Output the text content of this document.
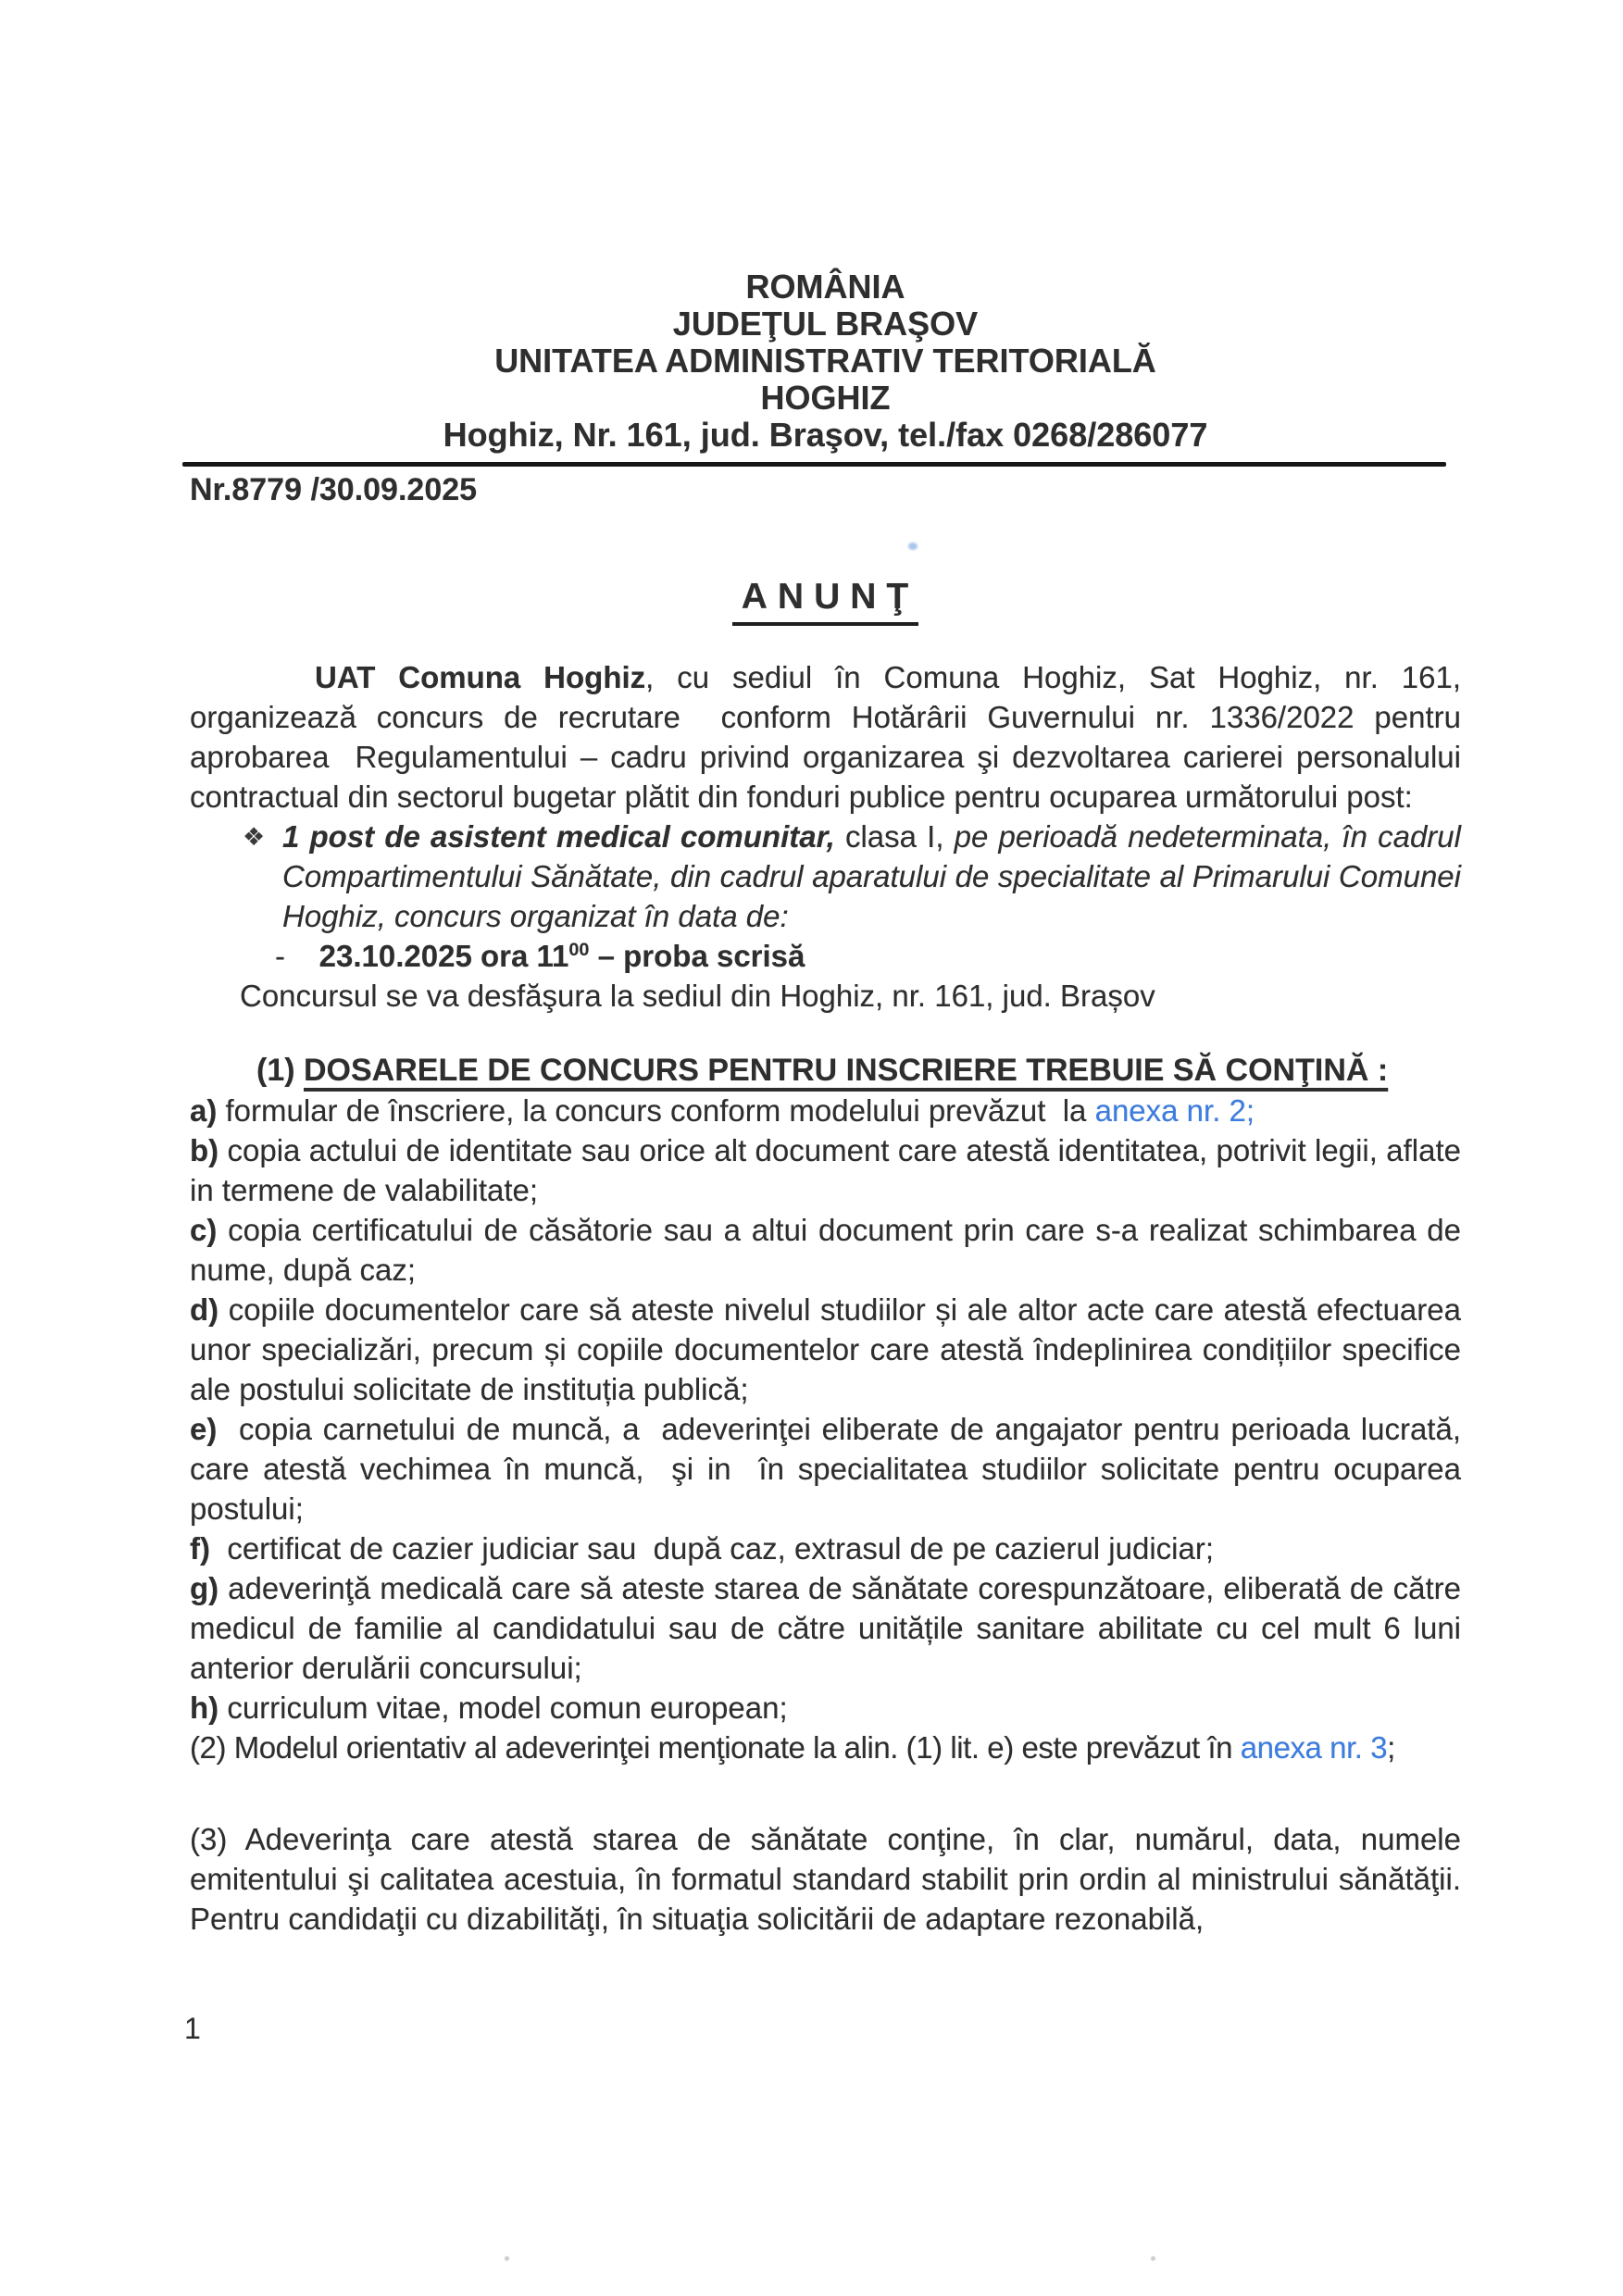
ROMÂNIA
JUDEŢUL BRAŞOV
UNITATEA ADMINISTRATIV TERITORIALĂ
HOGHIZ
Hoghiz, Nr. 161, jud. Braşov, tel./fax 0268/286077
Nr.8779 /30.09.2025
ANUNŢ

UAT Comuna Hoghiz, cu sediul în Comuna Hoghiz, Sat Hoghiz, nr. 161, organizează concurs de recrutare  conform Hotărârii Guvernului nr. 1336/2022 pentru aprobarea  Regulamentului – cadru privind organizarea şi dezvoltarea carierei personalului contractual din sectorul bugetar plătit din fonduri publice pentru ocuparea următorului post:

❖ 1 post de asistent medical comunitar, clasa I, pe perioadă nedeterminata, în cadrul Compartimentului Sănătate, din cadrul aparatului de specialitate al Primarului Comunei Hoghiz, concurs organizat în data de:

-    23.10.2025 ora $11^{00}$ – proba scrisă

Concursul se va desfăşura la sediul din Hoghiz, nr. 161, jud. Brașov

(1) DOSARELE DE CONCURS PENTRU INSCRIERE TREBUIE SĂ CONŢINĂ :

a) formular de înscriere, la concurs conform modelului prevăzut  la anexa nr. 2;

b) copia actului de identitate sau orice alt document care atestă identitatea, potrivit legii, aflate in termene de valabilitate;

c) copia certificatului de căsătorie sau a altui document prin care s-a realizat schimbarea de nume, după caz;

d) copiile documentelor care să ateste nivelul studiilor și ale altor acte care atestă efectuarea unor specializări, precum și copiile documentelor care atestă îndeplinirea condițiilor specifice ale postului solicitate de instituția publică;

e)  copia carnetului de muncă, a  adeverinţei eliberate de angajator pentru perioada lucrată, care atestă vechimea în muncă,  şi in  în specialitatea studiilor solicitate pentru ocuparea postului;

f)  certificat de cazier judiciar sau  după caz, extrasul de pe cazierul judiciar;

g) adeverinţă medicală care să ateste starea de sănătate corespunzătoare, eliberată de către medicul de familie al candidatului sau de către unitățile sanitare abilitate cu cel mult 6 luni anterior derulării concursului;

h) curriculum vitae, model comun european;

(2) Modelul orientativ al adeverinţei menţionate la alin. (1) lit. e) este prevăzut în anexa nr. 3;

(3) Adeverinţa care atestă starea de sănătate conţine, în clar, numărul, data, numele emitentului şi calitatea acestuia, în formatul standard stabilit prin ordin al ministrului sănătăţii. Pentru candidaţii cu dizabilităţi, în situaţia solicitării de adaptare rezonabilă,

1
